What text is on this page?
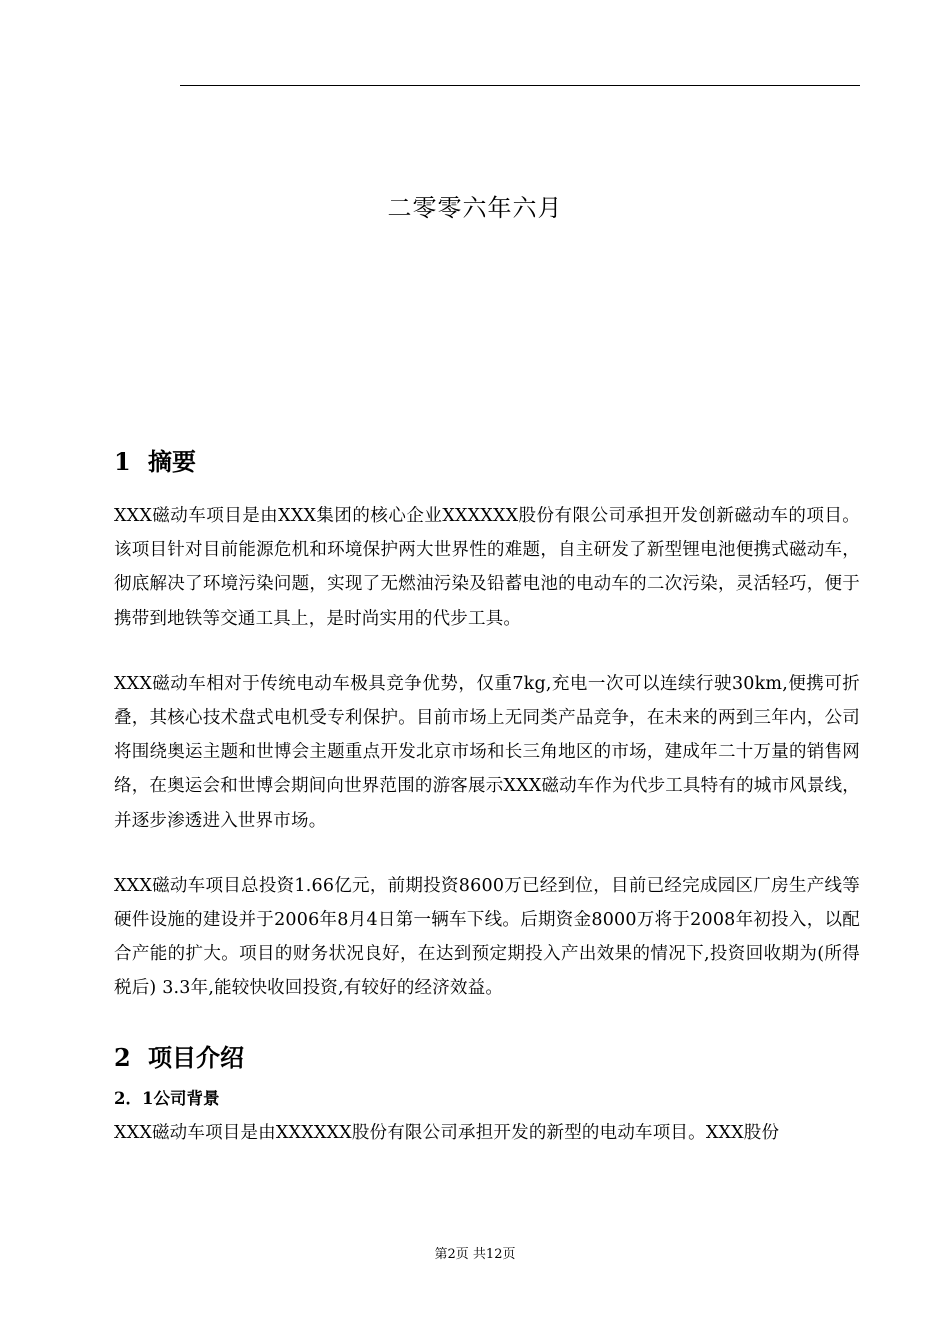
二零零六年六月
1 摘要

XXX磁动车项目是由XXX集团的核心企业XXXXXX股份有限公司承担开发创新磁动车的项目。该项目针对目前能源危机和环境保护两大世界性的难题，自主研发了新型锂电池便携式磁动车，彻底解决了环境污染问题，实现了无燃油污染及铅蓄电池的电动车的二次污染，灵活轻巧，便于携带到地铁等交通工具上，是时尚实用的代步工具。

XXX磁动车相对于传统电动车极具竞争优势，仅重7kg,充电一次可以连续行驶30km,便携可折叠，其核心技术盘式电机受专利保护。目前市场上无同类产品竞争，在未来的两到三年内，公司将围绕奥运主题和世博会主题重点开发北京市场和长三角地区的市场，建成年二十万量的销售网络，在奥运会和世博会期间向世界范围的游客展示XXX磁动车作为代步工具特有的城市风景线，并逐步渗透进入世界市场。

XXX磁动车项目总投资1.66亿元，前期投资8600万已经到位，目前已经完成园区厂房生产线等硬件设施的建设并于2006年8月4日第一辆车下线。后期资金8000万将于2008年初投入，以配合产能的扩大。项目的财务状况良好，在达到预定期投入产出效果的情况下,投资回收期为(所得税后) 3.3年,能较快收回投资,有较好的经济效益。

2 项目介绍
2．1公司背景

XXX磁动车项目是由XXXXXX股份有限公司承担开发的新型的电动车项目。XXX股份

第2页 共12页
